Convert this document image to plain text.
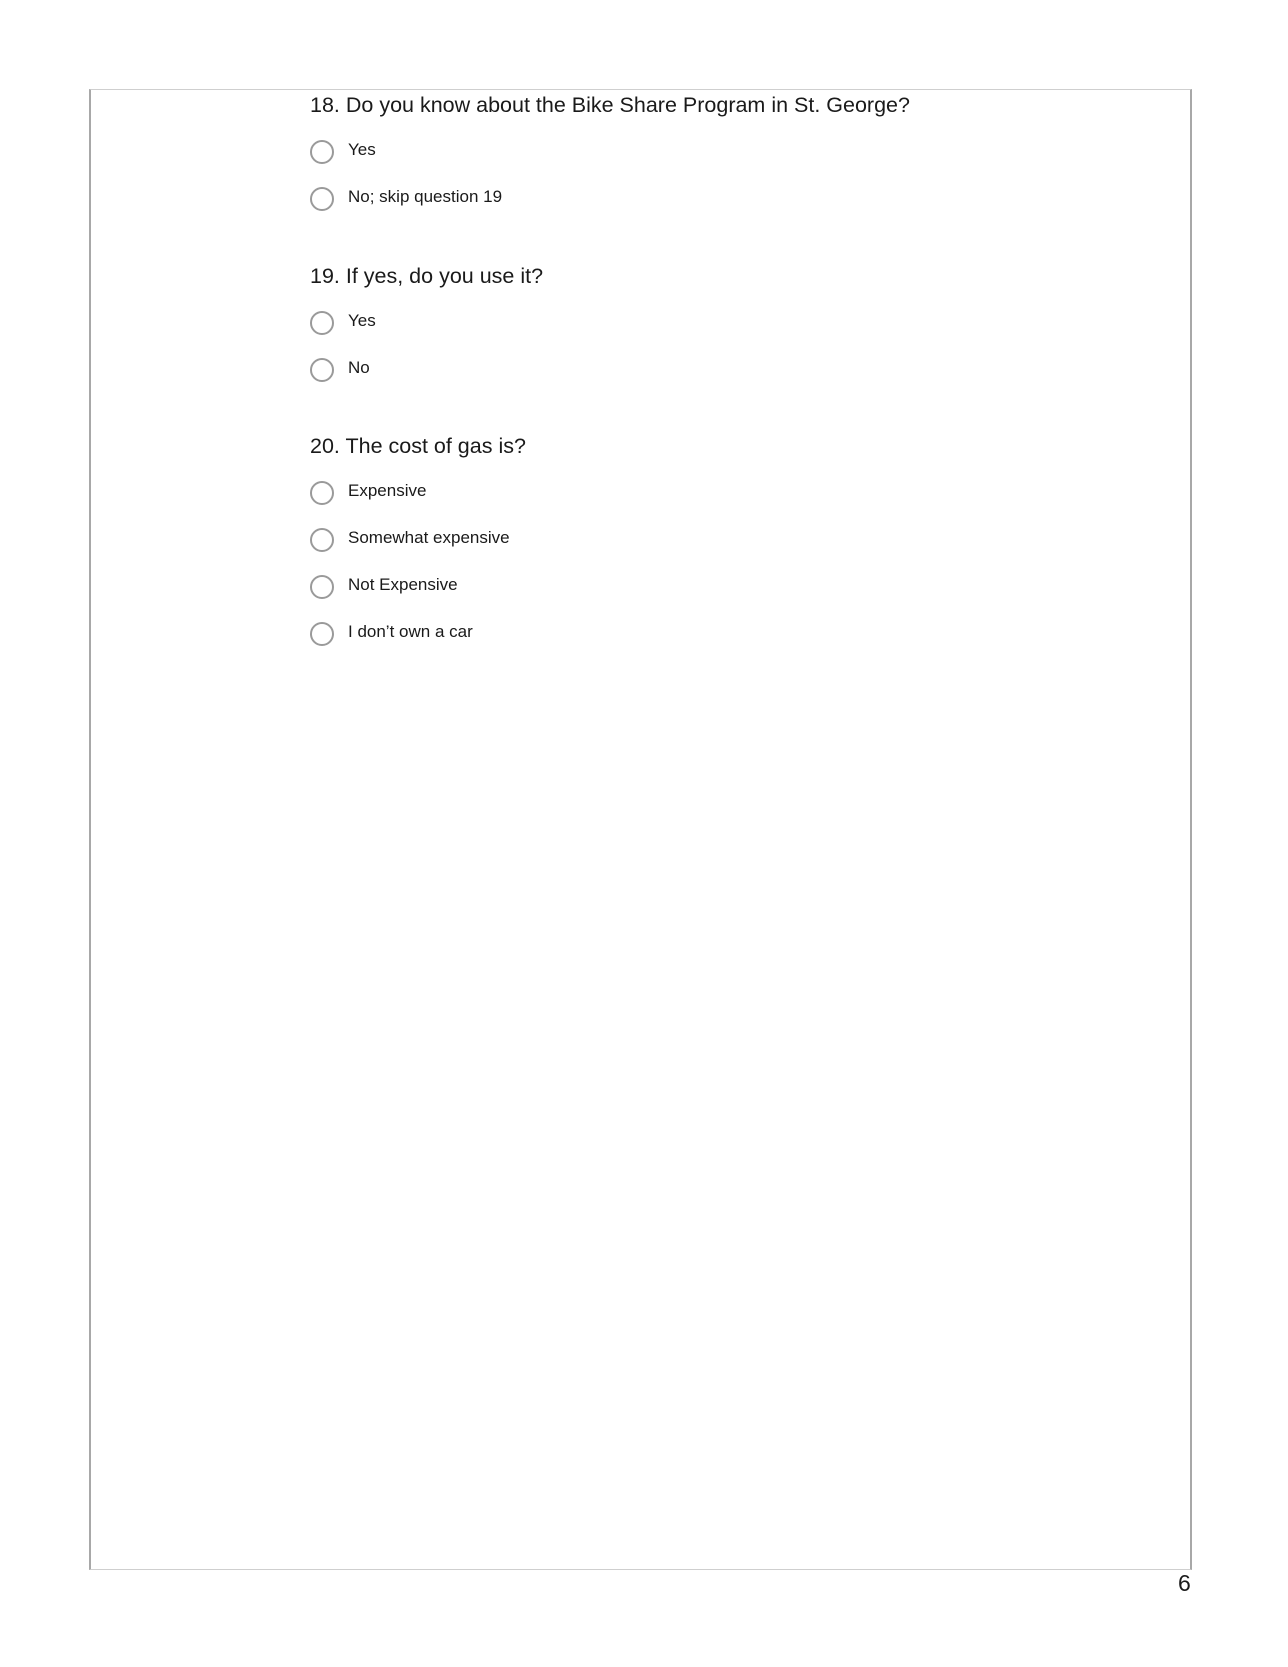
18. Do you know about the Bike Share Program in St. George?
Yes
No; skip question 19
19. If yes, do you use it?
Yes
No
20. The cost of gas is?
Expensive
Somewhat expensive
Not Expensive
I don’t own a car
6
